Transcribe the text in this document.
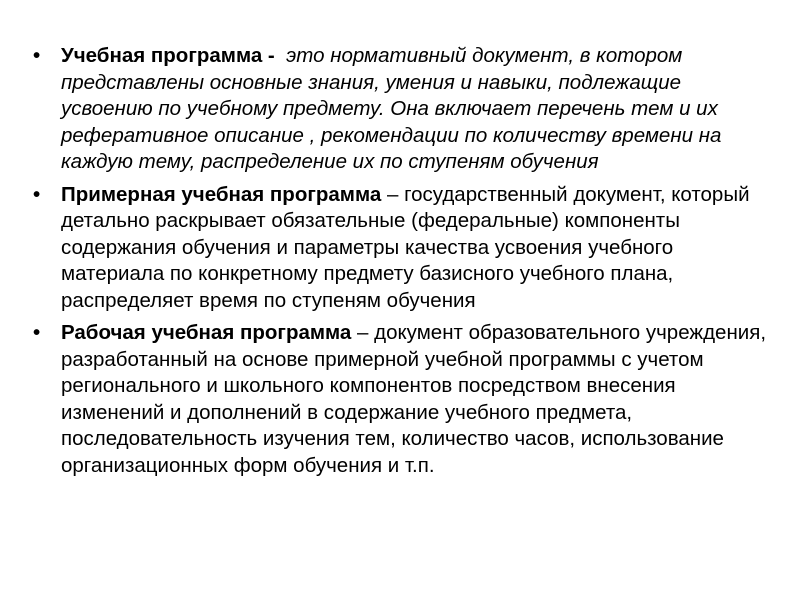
•	Учебная программа - это нормативный документ, в котором представлены основные знания, умения и навыки, подлежащие усвоению по учебному предмету. Она включает перечень тем и их реферативное описание , рекомендации по количеству времени на каждую тему, распределение их по ступеням обучения
•	Примерная учебная программа – государственный документ, который детально раскрывает обязательные (федеральные) компоненты содержания обучения и параметры качества усвоения учебного материала по конкретному предмету базисного учебного плана, распределяет время по ступеням обучения
•	Рабочая учебная программа – документ образовательного учреждения, разработанный на основе примерной учебной программы с учетом регионального и школьного компонентов посредством внесения изменений и дополнений в содержание учебного предмета, последовательность изучения тем, количество часов, использование организационных форм обучения и т.п.
